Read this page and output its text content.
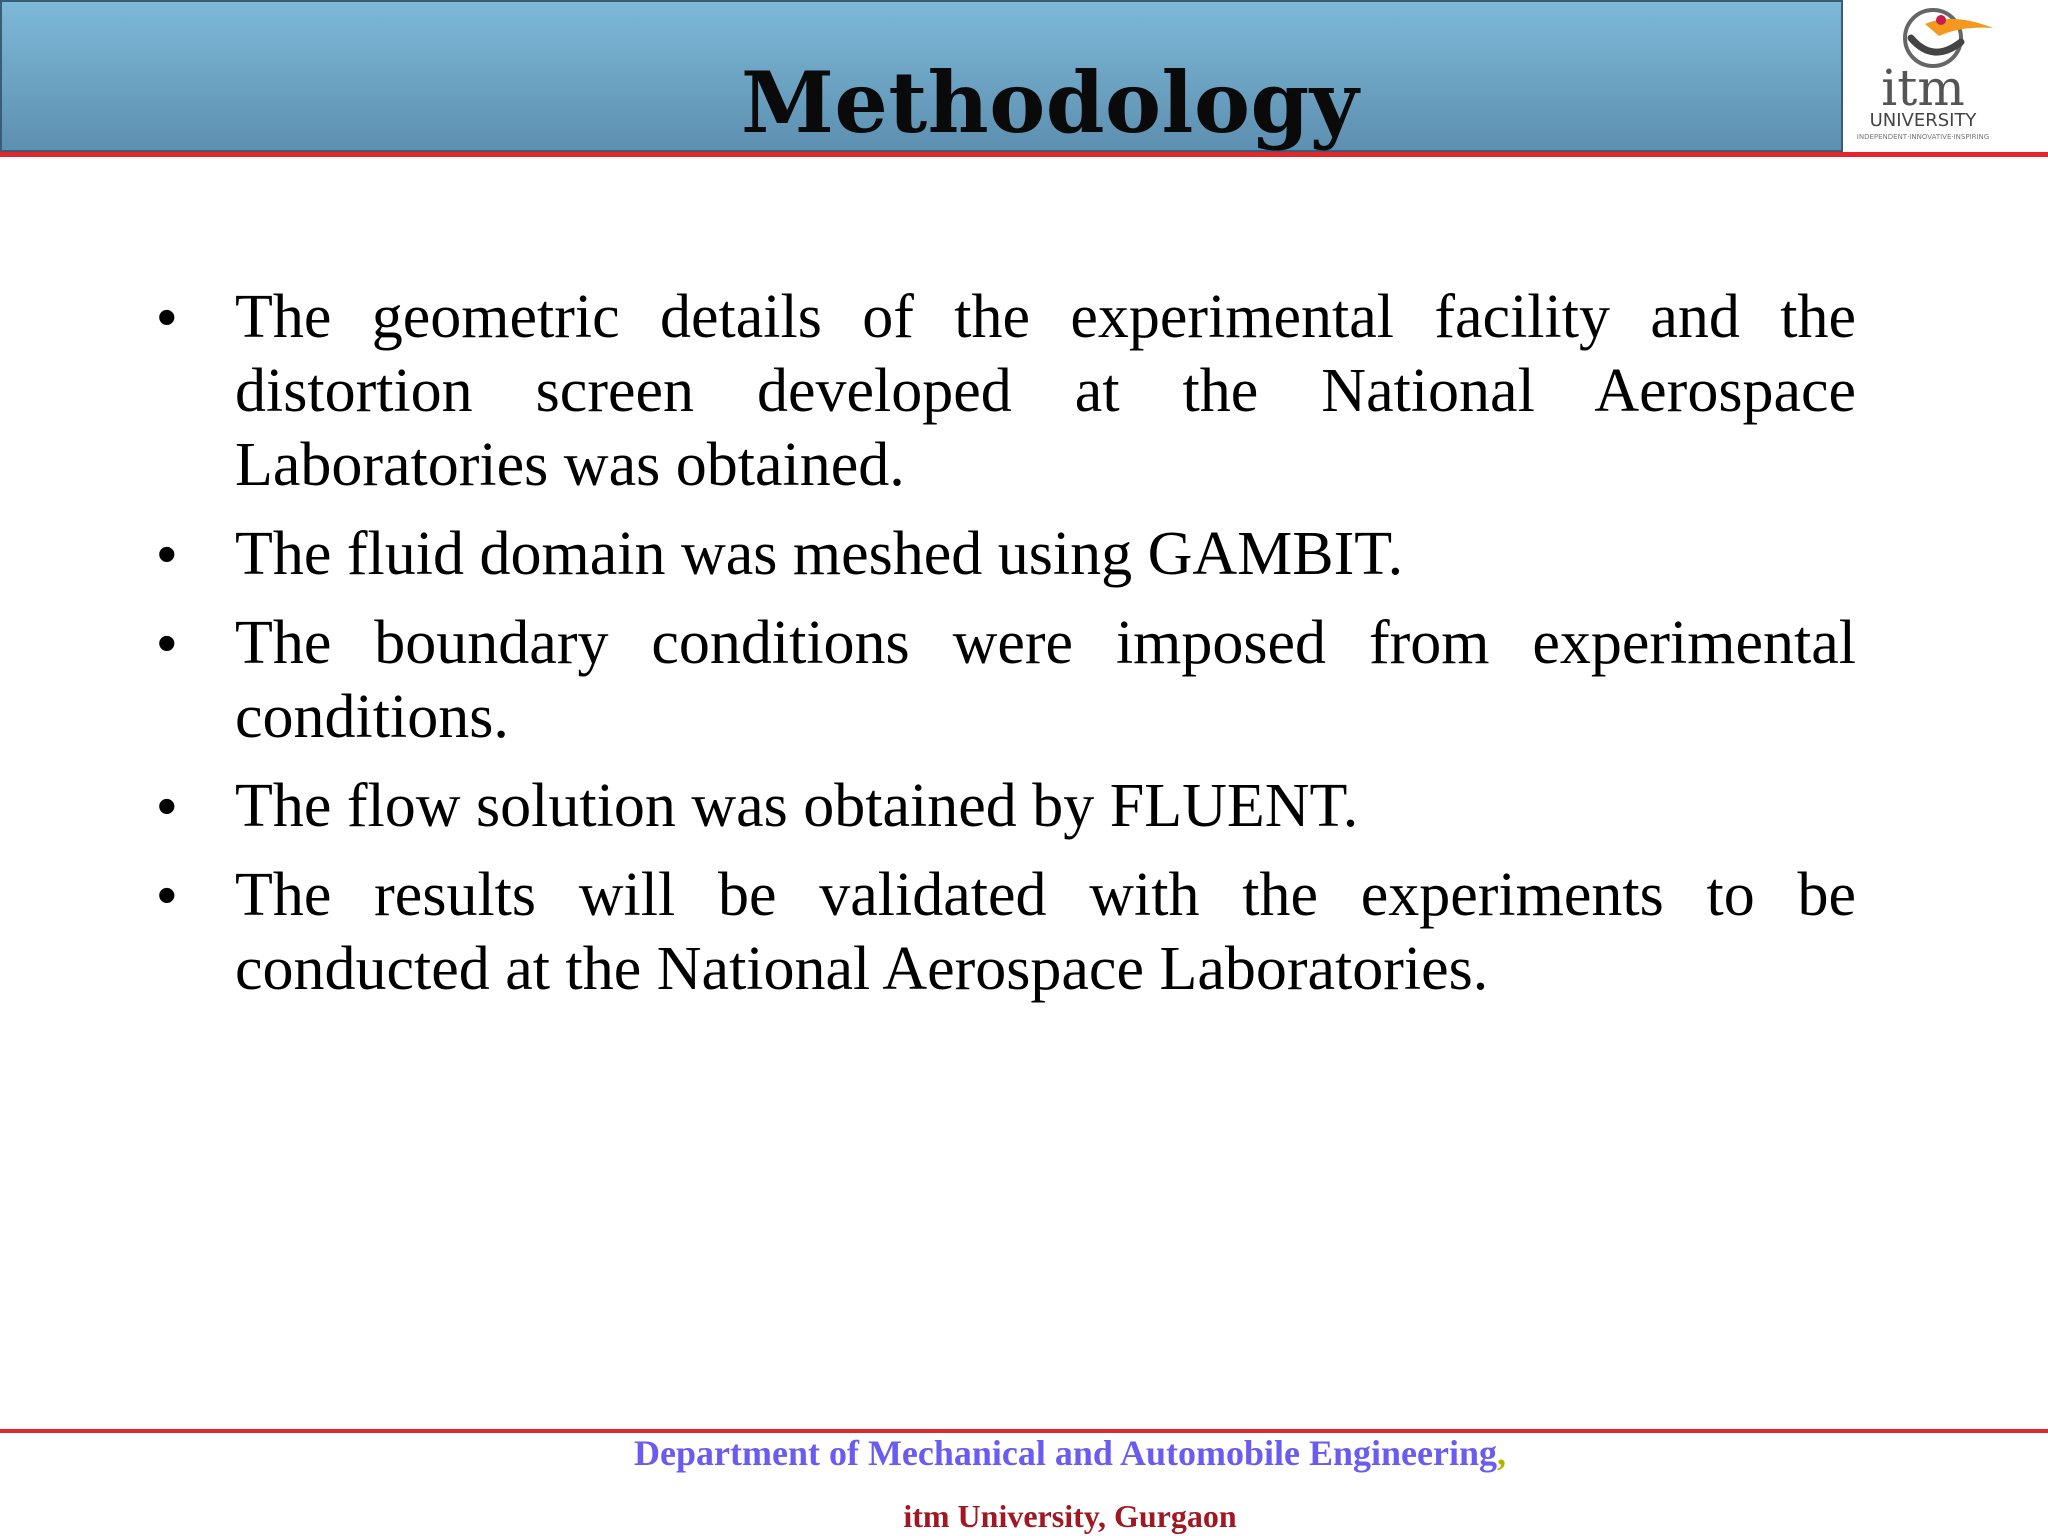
Methodology	itm
UNIVERSITY
INDEPENDENT·INNOVATIVE·INSPIRING
• The geometric details of the experimental facility and the distortion screen developed at the National Aerospace Laboratories was obtained.
• The fluid domain was meshed using GAMBIT.
• The boundary conditions were imposed from experimental conditions.
• The flow solution was obtained by FLUENT.
• The results will be validated with the experiments to be conducted at the National Aerospace Laboratories.
Department of Mechanical and Automobile Engineering,
itm University, Gurgaon
